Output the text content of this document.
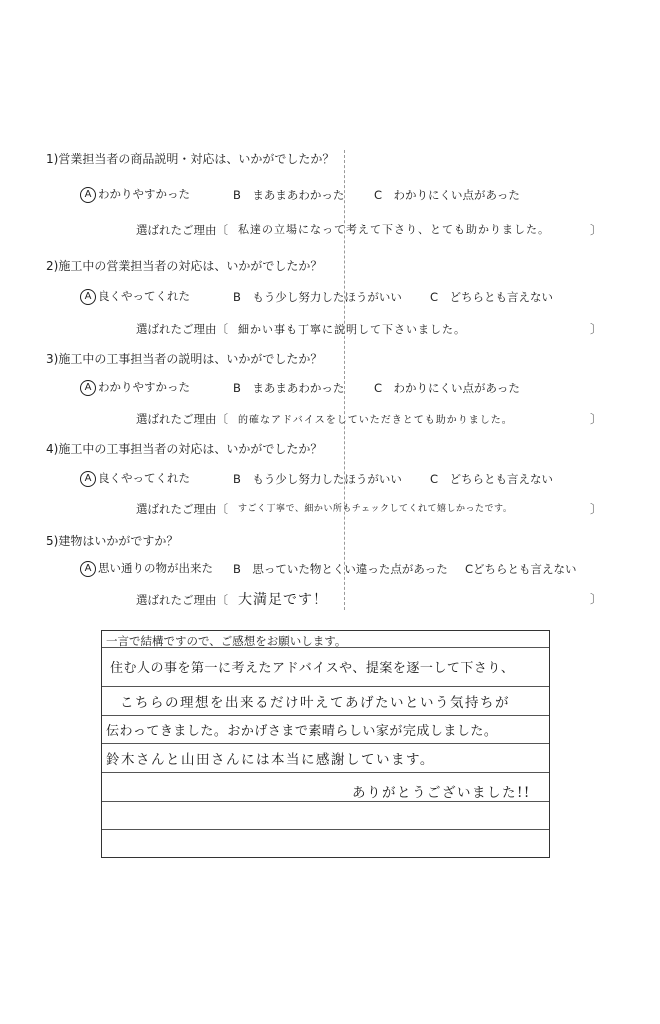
1)営業担当者の商品説明・対応は、いかがでしたか？
A わかりやすかった	B　まあまあわかった	C　わかりにくい点があった
選ばれたご理由〔 私達の立場になって考えて下さり、とても助かりました。	〕
2)施工中の営業担当者の対応は、いかがでしたか？
A 良くやってくれた	B　もう少し努力したほうがいい C　どちらとも言えない
選ばれたご理由〔 細かい事も丁寧に説明して下さいました。	〕
3)施工中の工事担当者の説明は、いかがでしたか？
A わかりやすかった	B　まあまあわかった	C　わかりにくい点があった
選ばれたご理由〔 的確なアドバイスをしていただきとても助かりました。	〕
4)施工中の工事担当者の対応は、いかがでしたか？
A 良くやってくれた	B　もう少し努力したほうがいい C　どちらとも言えない
選ばれたご理由〔 すごく丁寧で、細かい所もチェックしてくれて嬉しかったです。	〕
5)建物はいかがですか？
A 思い通りの物が出来た B　思っていた物とくい違った点があった Cどちらとも言えない
選ばれたご理由〔 大満足です！	〕
一言で結構ですので、ご感想をお願いします。
住む人の事を第一に考えたアドバイスや、提案を逐一して下さり、
こちらの理想を出来るだけ叶えてあげたいという気持ちが
伝わってきました。おかげさまで素晴らしい家が完成しました。
鈴木さんと山田さんには本当に感謝しています。
ありがとうございました!!
